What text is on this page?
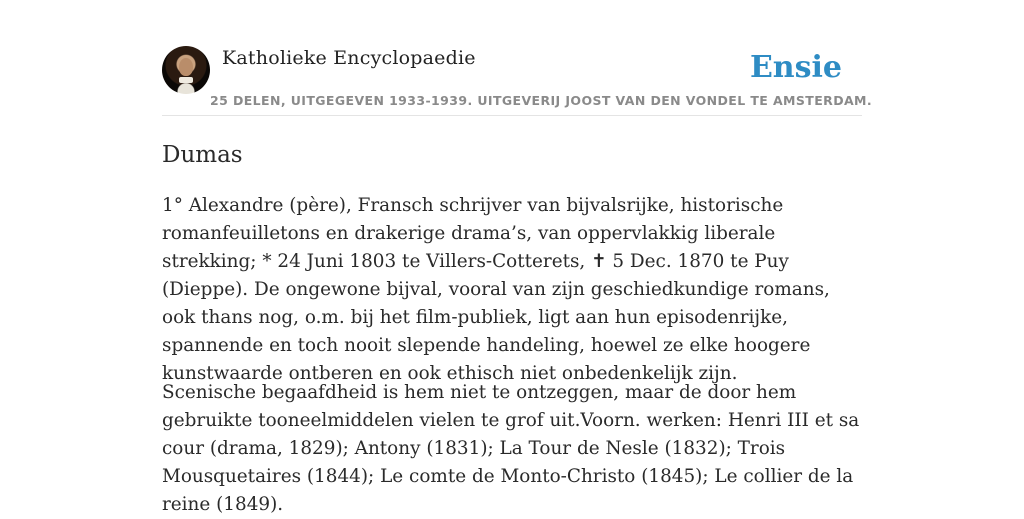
Katholieke Encyclopaedie	Ensie
25 DELEN, UITGEGEVEN 1933-1939. UITGEVERIJ JOOST VAN DEN VONDEL TE AMSTERDAM.
Dumas

1° Alexandre (père), Fransch schrijver van bijvalsrijke, historische romanfeuilletons en drakerige drama’s, van oppervlakkig liberale strekking; * 24 Juni 1803 te Villers-Cotterets, ✝ 5 Dec. 1870 te Puy (Dieppe). De ongewone bijval, vooral van zijn geschiedkundige romans, ook thans nog, o.m. bij het film-publiek, ligt aan hun episodenrijke, spannende en toch nooit slepende handeling, hoewel ze elke hoogere kunstwaarde ontberen en ook ethisch niet onbedenkelijk zijn.

Scenische begaafdheid is hem niet te ontzeggen, maar de door hem gebruikte tooneelmiddelen vielen te grof uit.Voorn. werken: Henri III et sa cour (drama, 1829); Antony (1831); La Tour de Nesle (1832); Trois Mousquetaires (1844); Le comte de Monto-Christo (1845); Le collier de la reine (1849).
